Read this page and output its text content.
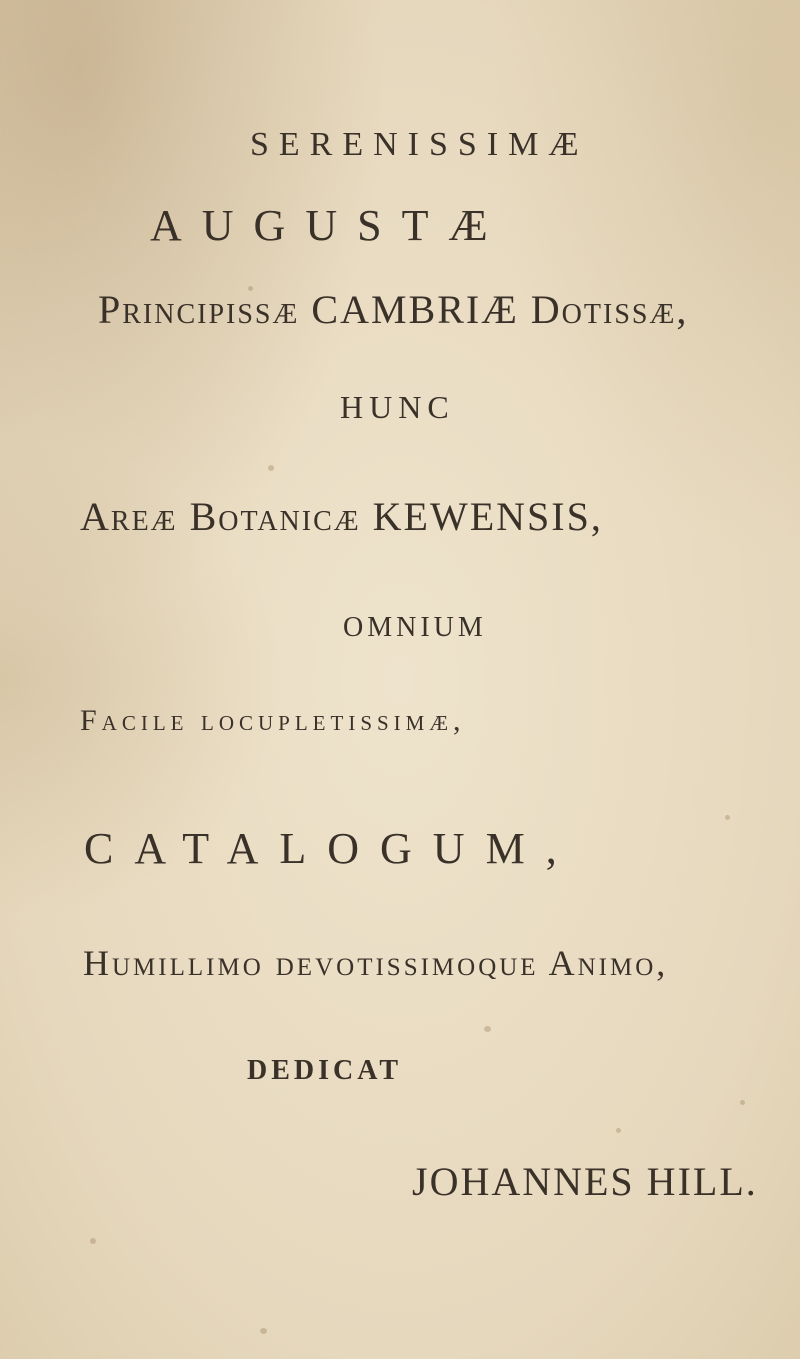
SERENISSIMÆ
AUGUSTÆ
Principissæ CAMBRIÆ Dotissæ,
HUNC
Areæ Botanicæ KEWENSIS,
OMNIUM
Facile locupletissimæ,
CATALOGUM,
Humillimo devotissimoque Animo,
DEDICAT
JOHANNES HILL.
